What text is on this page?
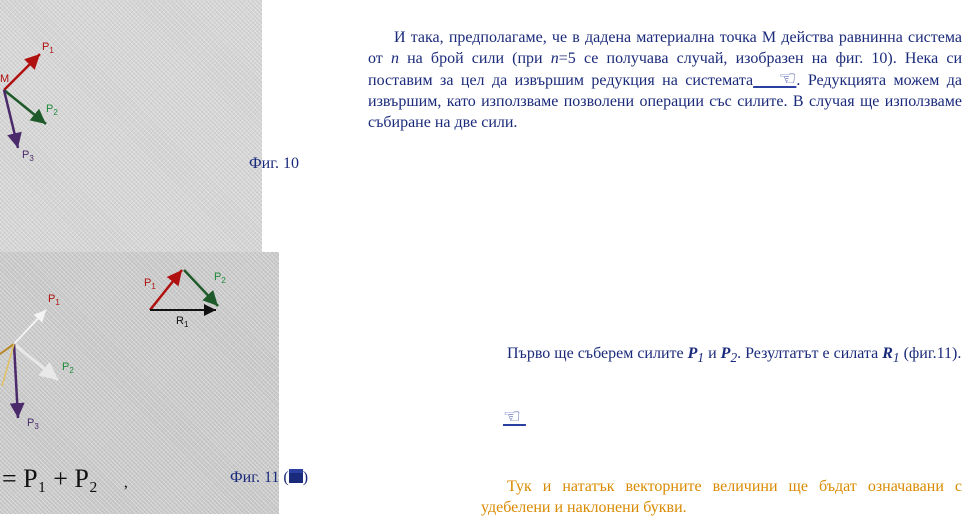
M
$P_1$
$P_2$
$P_3$	Фиг. 10
И така, предполагаме, че в дадена материална точка M действа равнинна система от n на брой сили (при n=5 се получава случай, изобразен на фиг. 10). Нека си поставим за цел да извършим редукция на системата   ☜. Редукцията можем да извършим, като използваме позволени операции със силите. В случая ще използваме събиране на две сили.
$P_1$
$P_2$
$P_3$
$P_1$
$P_2$
$R_1$
= P₁ + P₂ ,	Фиг. 11 ( )
Първо ще съберем силите $P_1$ и $P_2$. Резултатът е силата $R_1$ (фиг.11).
☜
Тук и нататък векторните величини ще бъдат означавани с удебелени и наклонени букви.
